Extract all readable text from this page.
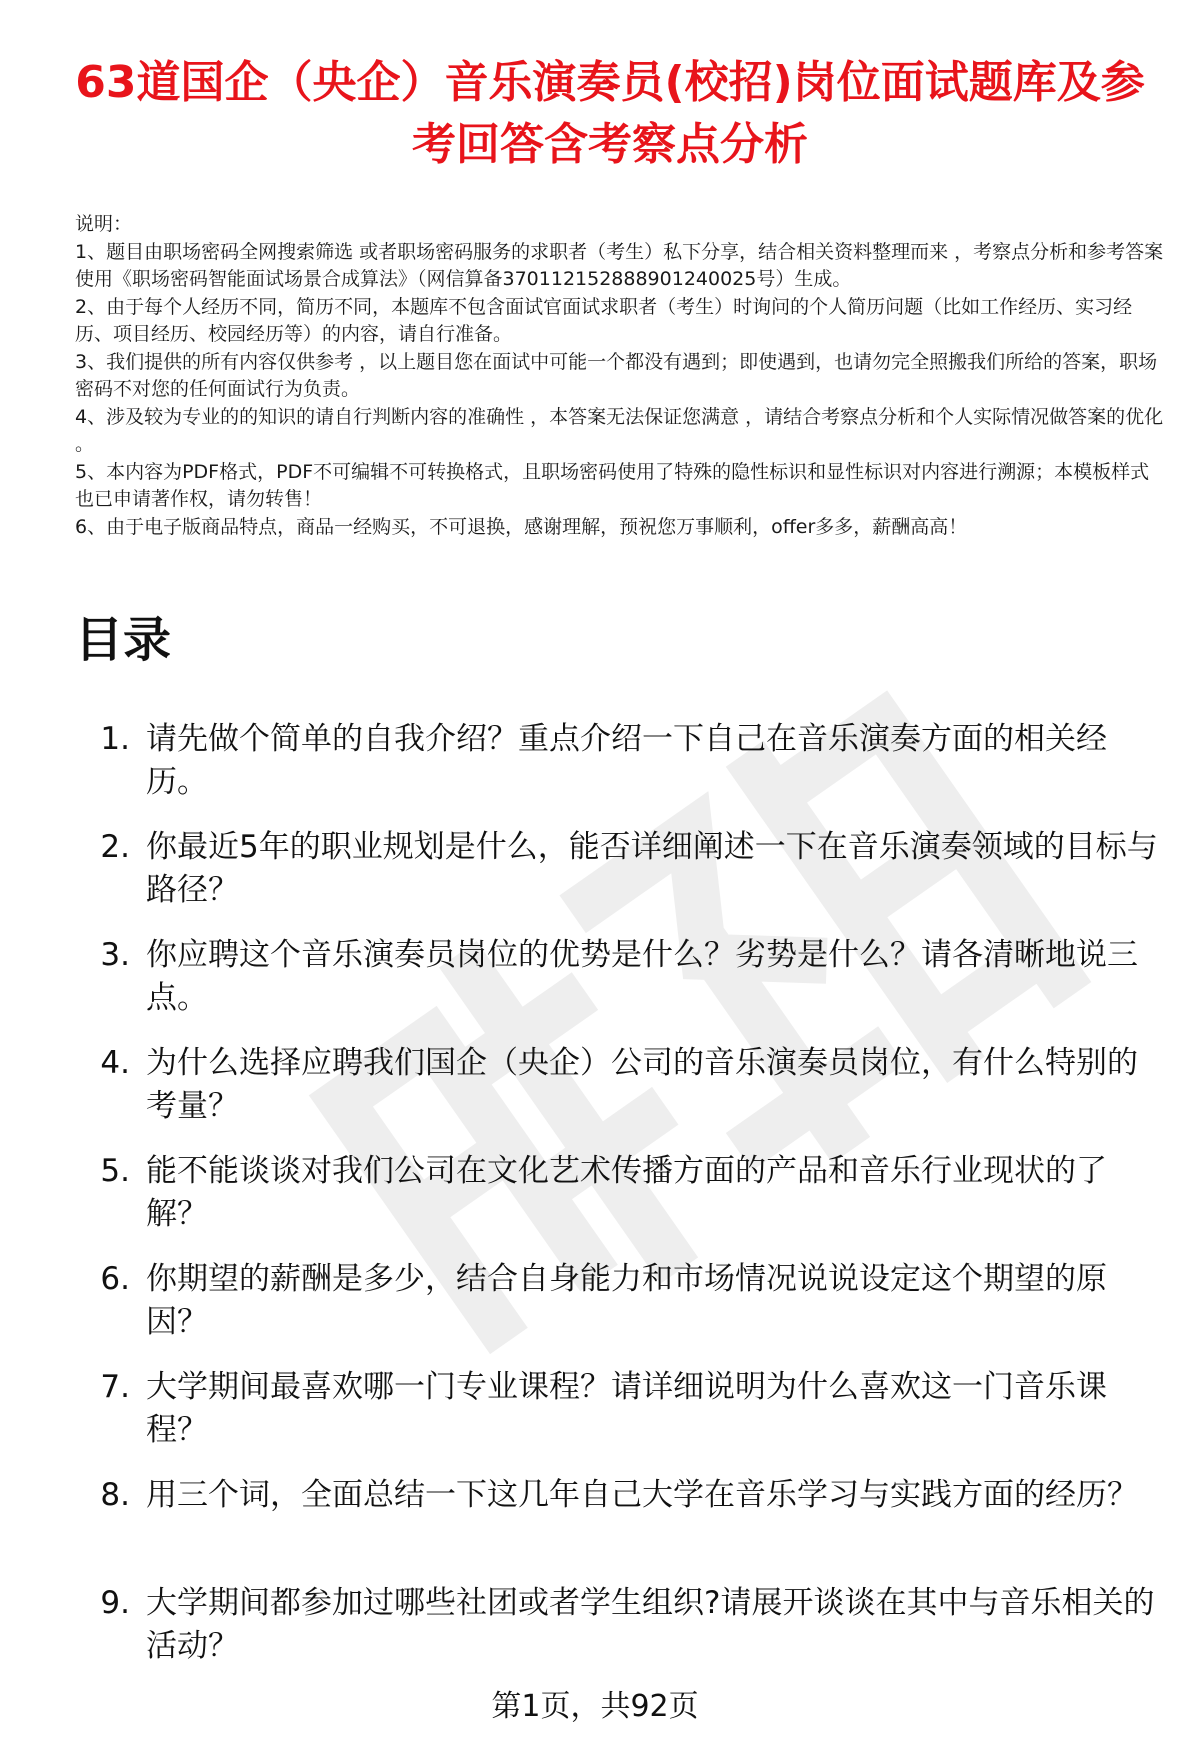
63道国企（央企）音乐演奏员(校招)岗位面试题库及参考回答含考察点分析

说明：

1、题目由职场密码全网搜索筛选 或者职场密码服务的求职者（考生）私下分享，结合相关资料整理而来 ，考察点分析和参考答案使用《职场密码智能面试场景合成算法》（网信算备370112152888901240025号）生成。

2、由于每个人经历不同，简历不同，本题库不包含面试官面试求职者（考生）时询问的个人简历问题（比如工作经历、实习经历、项目经历、校园经历等）的内容，请自行准备。

3、我们提供的所有内容仅供参考 ，以上题目您在面试中可能一个都没有遇到；即使遇到，也请勿完全照搬我们所给的答案，职场密码不对您的任何面试行为负责。

4、涉及较为专业的的知识的请自行判断内容的准确性 ，本答案无法保证您满意 ，请结合考察点分析和个人实际情况做答案的优化 。

5、本内容为PDF格式，PDF不可编辑不可转换格式，且职场密码使用了特殊的隐性标识和显性标识对内容进行溯源；本模板样式也已申请著作权，请勿转售！

6、由于电子版商品特点，商品一经购买，不可退换，感谢理解，预祝您万事顺利，offer多多，薪酬高高！

目录
1. 请先做个简单的自我介绍？重点介绍一下自己在音乐演奏方面的相关经历。
2. 你最近5年的职业规划是什么，能否详细阐述一下在音乐演奏领域的目标与路径？
3. 你应聘这个音乐演奏员岗位的优势是什么？劣势是什么？请各清晰地说三点。
4. 为什么选择应聘我们国企（央企）公司的音乐演奏员岗位，有什么特别的考量？
5. 能不能谈谈对我们公司在文化艺术传播方面的产品和音乐行业现状的了解？
6. 你期望的薪酬是多少，结合自身能力和市场情况说说设定这个期望的原因？
7. 大学期间最喜欢哪一门专业课程？请详细说明为什么喜欢这一门音乐课程？
8. 用三个词，全面总结一下这几年自己大学在音乐学习与实践方面的经历？
9. 大学期间都参加过哪些社团或者学生组织?请展开谈谈在其中与音乐相关的活动？
第1页，共92页
